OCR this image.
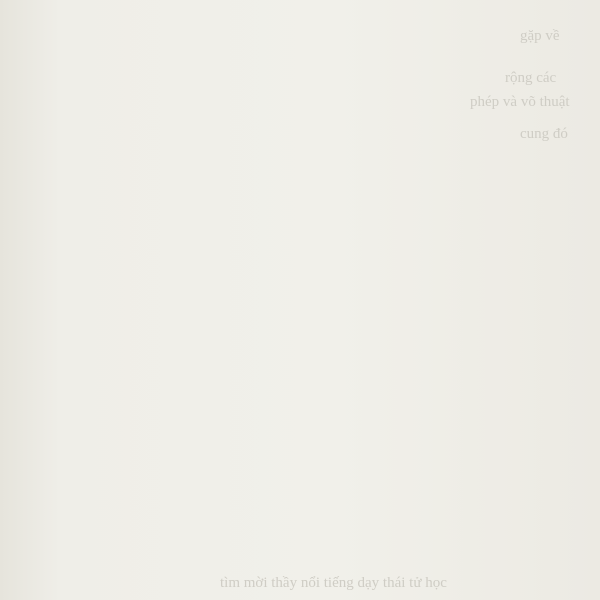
gặp về
rộng các
phép và võ thuật
cung đó
tìm mời thầy nổi tiếng dạy thái tử học
